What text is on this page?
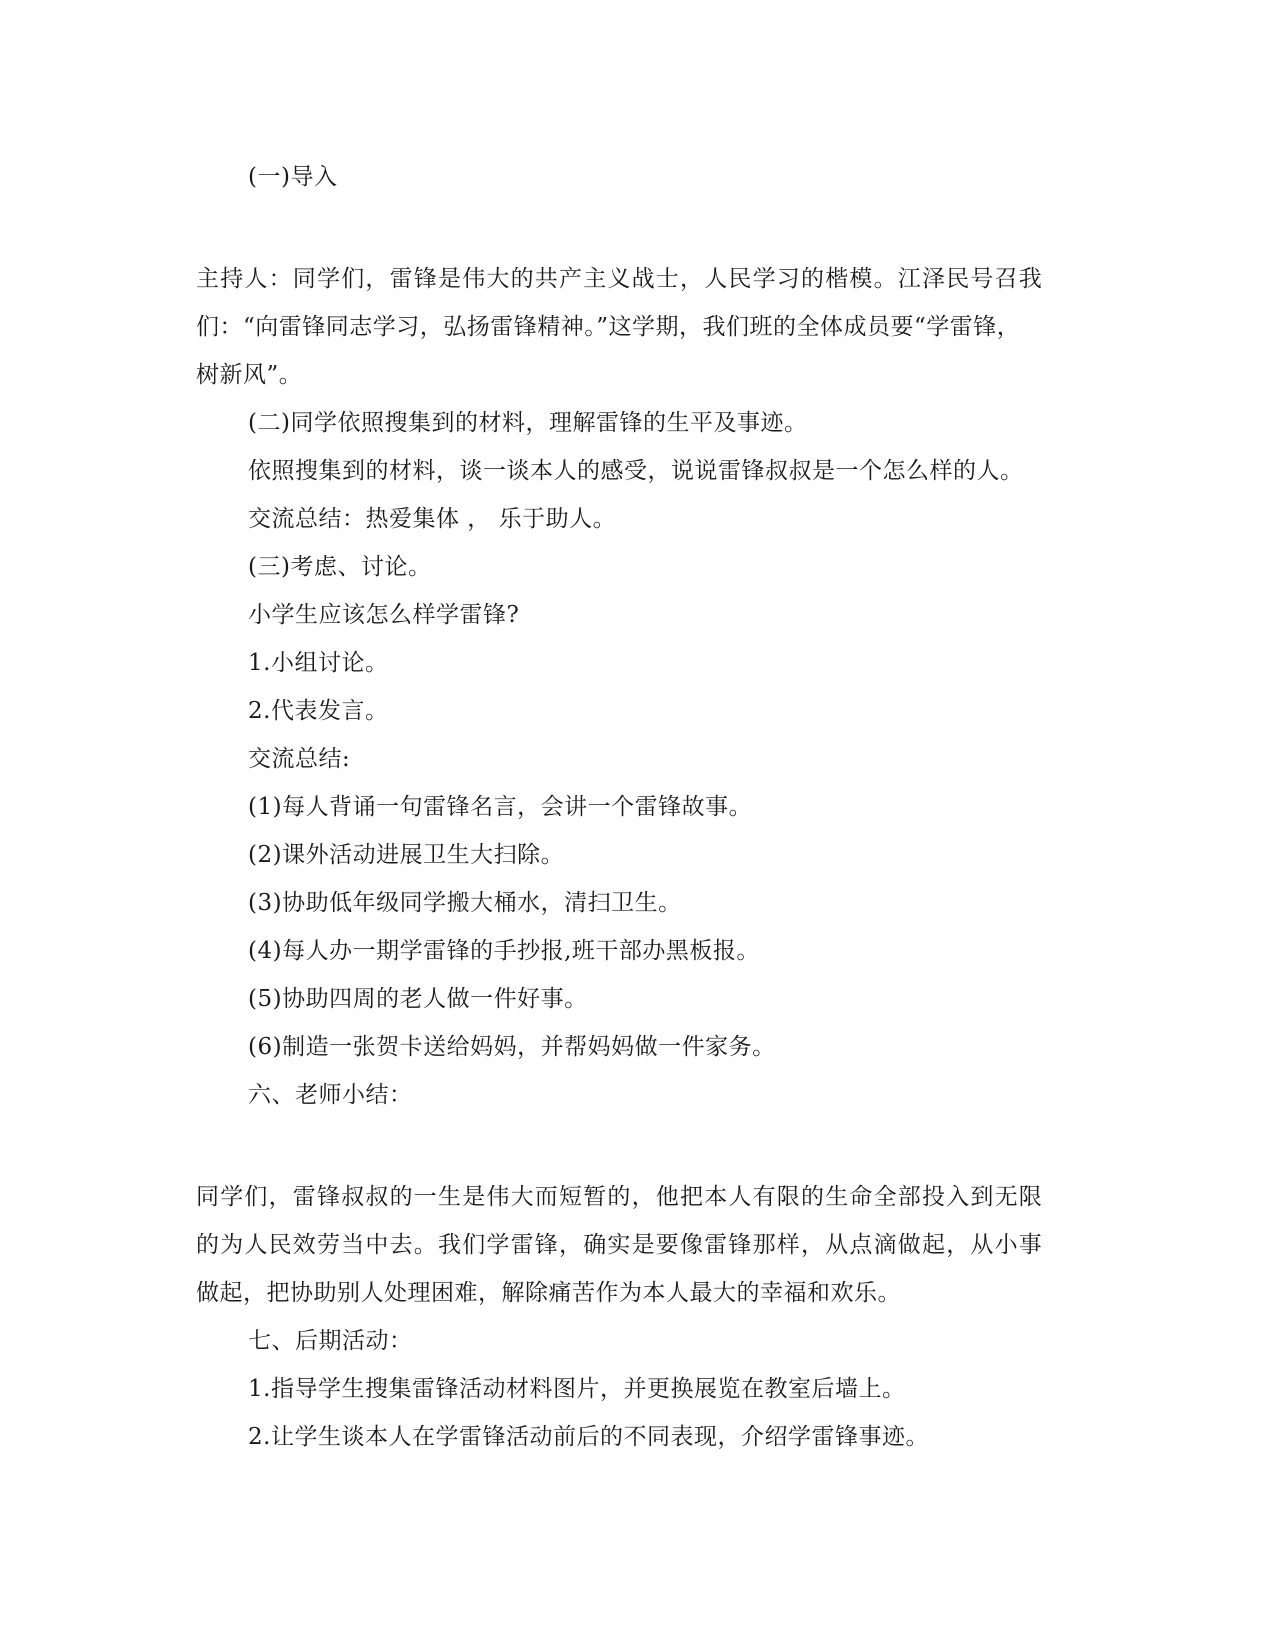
(一)导入
主持人：同学们，雷锋是伟大的共产主义战士，人民学习的楷模。江泽民号召我
们：“向雷锋同志学习，弘扬雷锋精神。”这学期，我们班的全体成员要“学雷锋，
树新风”。
(二)同学依照搜集到的材料，理解雷锋的生平及事迹。
依照搜集到的材料，谈一谈本人的感受，说说雷锋叔叔是一个怎么样的人。
交流总结：热爱集体 ， 乐于助人。
(三)考虑、讨论。
小学生应该怎么样学雷锋?
1.小组讨论。
2.代表发言。
交流总结:
(1)每人背诵一句雷锋名言，会讲一个雷锋故事。
(2)课外活动进展卫生大扫除。
(3)协助低年级同学搬大桶水，清扫卫生。
(4)每人办一期学雷锋的手抄报,班干部办黑板报。
(5)协助四周的老人做一件好事。
(6)制造一张贺卡送给妈妈，并帮妈妈做一件家务。
六、老师小结：
同学们，雷锋叔叔的一生是伟大而短暂的，他把本人有限的生命全部投入到无限
的为人民效劳当中去。我们学雷锋，确实是要像雷锋那样，从点滴做起，从小事
做起，把协助别人处理困难，解除痛苦作为本人最大的幸福和欢乐。
七、后期活动：
1.指导学生搜集雷锋活动材料图片，并更换展览在教室后墙上。
2.让学生谈本人在学雷锋活动前后的不同表现，介绍学雷锋事迹。
